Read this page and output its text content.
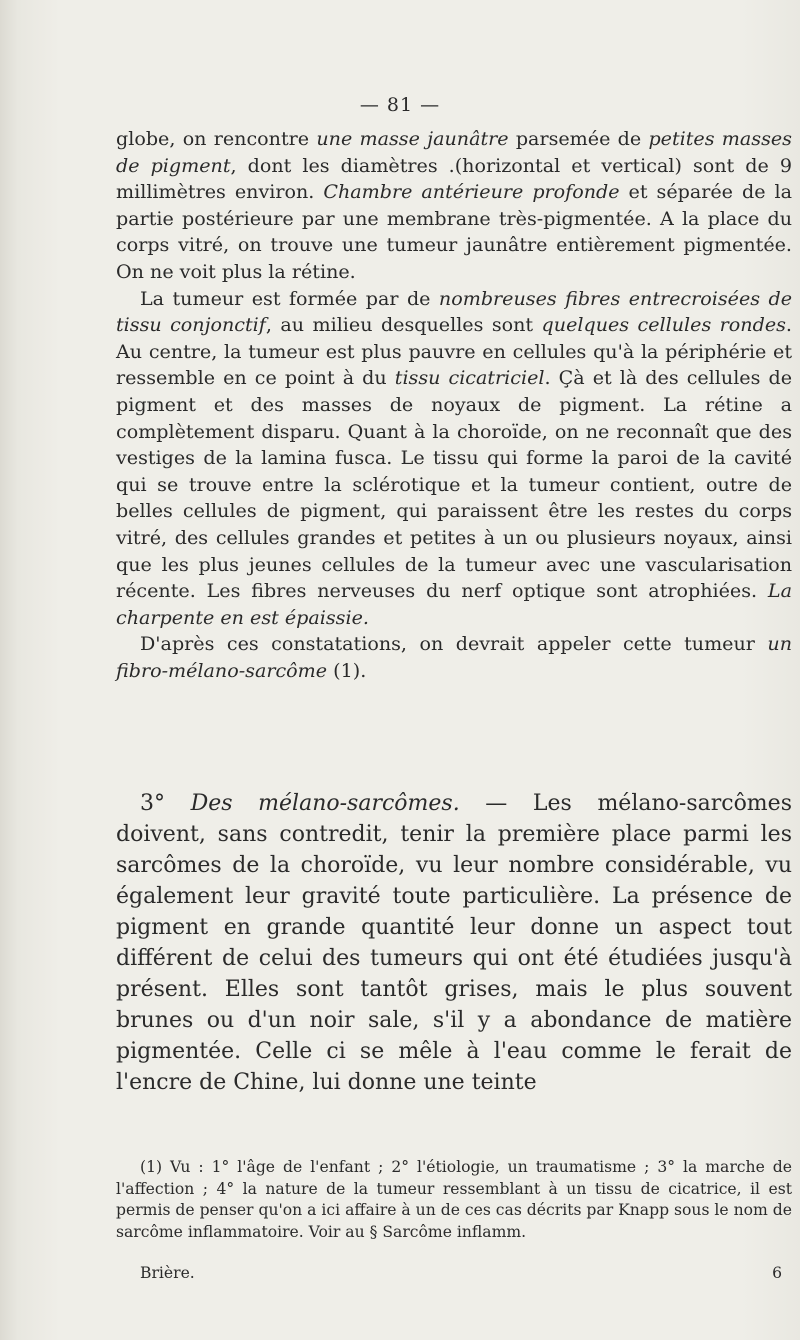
— 81 —

globe, on rencontre une masse jaunâtre parsemée de petites masses de pigment, dont les diamètres .(horizontal et vertical) sont de 9 millimètres environ. Chambre antérieure profonde et séparée de la partie postérieure par une membrane très-pigmentée. A la place du corps vitré, on trouve une tumeur jaunâtre entièrement pigmentée. On ne voit plus la rétine.

La tumeur est formée par de nombreuses fibres entrecroisées de tissu conjonctif, au milieu desquelles sont quelques cellules rondes. Au centre, la tumeur est plus pauvre en cellules qu'à la périphérie et ressemble en ce point à du tissu cicatriciel. Çà et là des cellules de pigment et des masses de noyaux de pigment. La rétine a complètement disparu. Quant à la choroïde, on ne reconnaît que des vestiges de la lamina fusca. Le tissu qui forme la paroi de la cavité qui se trouve entre la sclérotique et la tumeur contient, outre de belles cellules de pigment, qui paraissent être les restes du corps vitré, des cellules grandes et petites à un ou plusieurs noyaux, ainsi que les plus jeunes cellules de la tumeur avec une vascularisation récente. Les fibres nerveuses du nerf optique sont atrophiées. La charpente en est épaissie.

D'après ces constatations, on devrait appeler cette tumeur un fibro-mélano-sarcôme (1).

3° Des mélano-sarcômes. — Les mélano-sarcômes doivent, sans contredit, tenir la première place parmi les sarcômes de la choroïde, vu leur nombre considérable, vu également leur gravité toute particulière. La présence de pigment en grande quantité leur donne un aspect tout différent de celui des tumeurs qui ont été étudiées jusqu'à présent. Elles sont tantôt grises, mais le plus souvent brunes ou d'un noir sale, s'il y a abondance de matière pigmentée. Celle ci se mêle à l'eau comme le ferait de l'encre de Chine, lui donne une teinte

(1) Vu : 1° l'âge de l'enfant ; 2° l'étiologie, un traumatisme ; 3° la marche de l'affection ; 4° la nature de la tumeur ressemblant à un tissu de cicatrice, il est permis de penser qu'on a ici affaire à un de ces cas décrits par Knapp sous le nom de sarcôme inflammatoire. Voir au § Sarcôme inflamm.

Brière.	6
